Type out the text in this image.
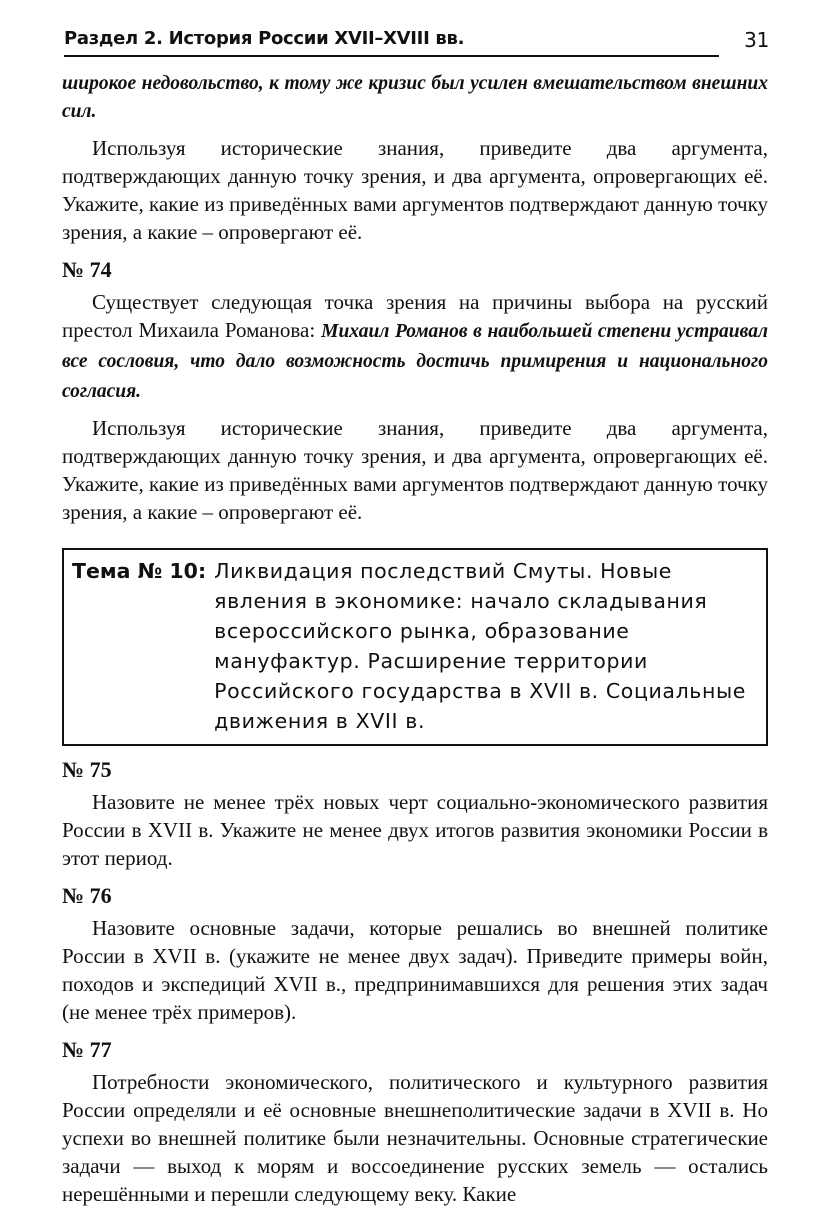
Раздел 2. История России XVII–XVIII вв.	31

широкое недовольство, к тому же кризис был усилен вмешательством внешних сил.

Используя исторические знания, приведите два аргумента, подтверждающих данную точку зрения, и два аргумента, опровергающих её. Укажите, какие из приведённых вами аргументов подтверждают данную точку зрения, а какие – опровергают её.

№ 74

Существует следующая точка зрения на причины выбора на русский престол Михаила Романова: Михаил Романов в наибольшей степени устраивал все сословия, что дало возможность достичь примирения и национального согласия.

Используя исторические знания, приведите два аргумента, подтверждающих данную точку зрения, и два аргумента, опровергающих её. Укажите, какие из приведённых вами аргументов подтверждают данную точку зрения, а какие – опровергают её.

Тема № 10: Ликвидация последствий Смуты. Новые явления в экономике: начало складывания всероссийского рынка, образование мануфактур. Расширение территории Российского государства в XVII в. Социальные движения в XVII в.
№ 75

Назовите не менее трёх новых черт социально-экономического развития России в XVII в. Укажите не менее двух итогов развития экономики России в этот период.

№ 76

Назовите основные задачи, которые решались во внешней политике России в XVII в. (укажите не менее двух задач). Приведите примеры войн, походов и экспедиций XVII в., предпринимавшихся для решения этих задач (не менее трёх примеров).

№ 77

Потребности экономического, политического и культурного развития России определяли и её основные внешнеполитические задачи в XVII в. Но успехи во внешней политике были незначительны. Основные стратегические задачи — выход к морям и воссоединение русских земель — остались нерешёнными и перешли следующему веку. Какие
